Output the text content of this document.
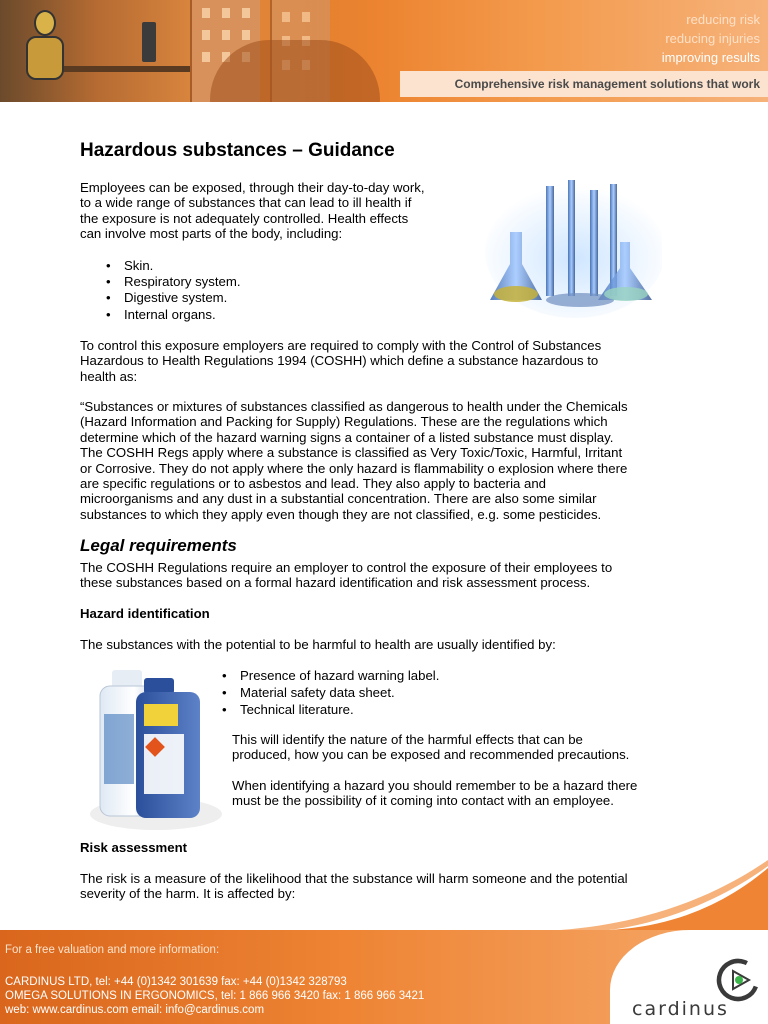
reducing risk
reducing injuries
improving results
Comprehensive risk management solutions that work
Hazardous substances – Guidance
Employees can be exposed, through their day-to-day work,
to a wide range of substances that can lead to ill health if
the exposure is not adequately controlled. Health effects
can involve most parts of the body, including:
• Skin.
• Respiratory system.
• Digestive system.
• Internal organs.
To control this exposure employers are required to comply with the Control of Substances
Hazardous to Health Regulations 1994 (COSHH) which define a substance hazardous to
health as:
“Substances or mixtures of substances classified as dangerous to health under the Chemicals
(Hazard Information and Packing for Supply) Regulations. These are the regulations which
determine which of the hazard warning signs a container of a listed substance must display.
The COSHH Regs apply where a substance is classified as Very Toxic/Toxic, Harmful, Irritant
or Corrosive. They do not apply where the only hazard is flammability o explosion where there
are specific regulations or to asbestos and lead. They also apply to bacteria and
microorganisms and any dust in a substantial concentration. There are also some similar
substances to which they apply even though they are not classified, e.g. some pesticides.
Legal requirements
The COSHH Regulations require an employer to control the exposure of their employees to
these substances based on a formal hazard identification and risk assessment process.
Hazard identification
The substances with the potential to be harmful to health are usually identified by:
• Presence of hazard warning label.
• Material safety data sheet.
• Technical literature.
This will identify the nature of the harmful effects that can be
produced, how you can be exposed and recommended precautions.
When identifying a hazard you should remember to be a hazard there
must be the possibility of it coming into contact with an employee.
Risk assessment
The risk is a measure of the likelihood that the substance will harm someone and the potential
severity of the harm. It is affected by:
For a free valuation and more information:
CARDINUS LTD, tel: +44 (0)1342 301639 fax: +44 (0)1342 328793
OMEGA SOLUTIONS IN ERGONOMICS, tel: 1 866 966 3420 fax: 1 866 966 3421
web: www.cardinus.com email: info@cardinus.com	cardinus
